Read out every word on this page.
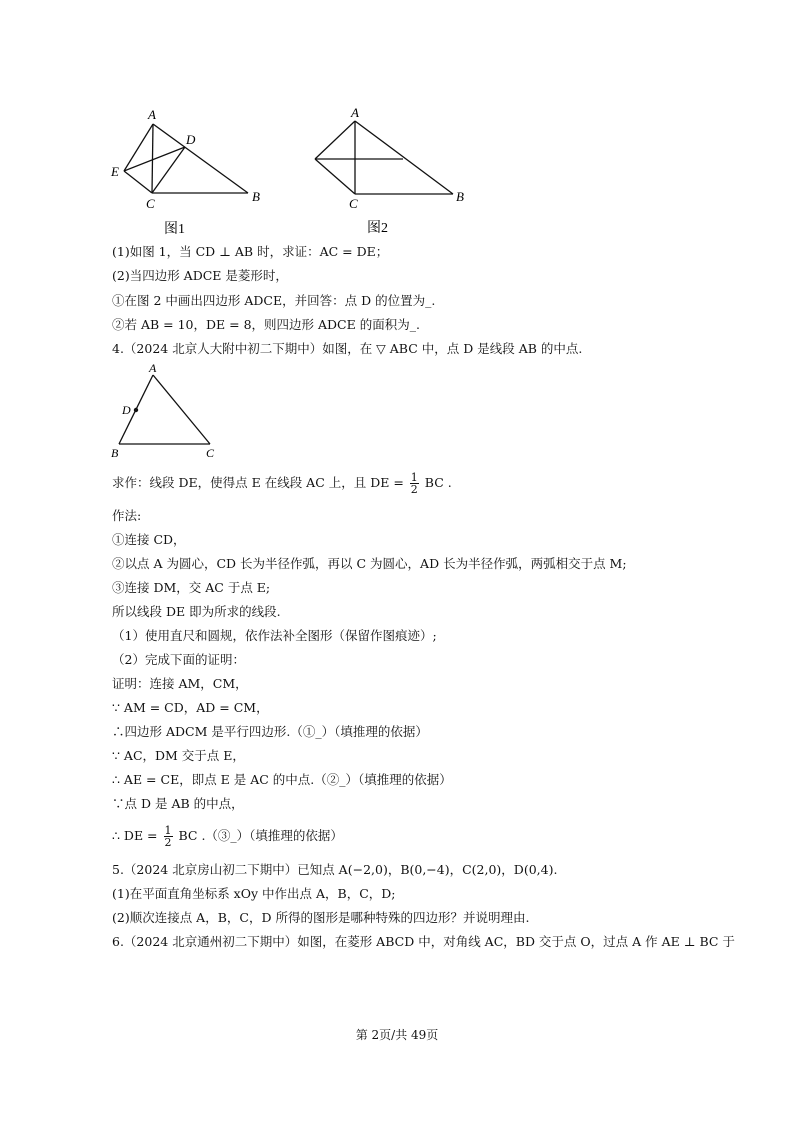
A
D
E
C	B
图1
A
C	B
图2
(1)如图 1，当 CD ⊥ AB 时，求证：AC = DE；
(2)当四边形 ADCE 是菱形时，
①在图 2 中画出四边形 ADCE，并回答：点 D 的位置为_.
②若 AB = 10，DE = 8，则四边形 ADCE 的面积为_.
4.（2024 北京人大附中初二下期中）如图，在 ▽ ABC 中，点 D 是线段 AB 的中点.
A
D
B	C
求作：线段 DE，使得点 E 在线段 AC 上，且 DE = $\frac{1}{2}$ BC .
作法:
①连接 CD，
②以点 A 为圆心，CD 长为半径作弧，再以 C 为圆心，AD 长为半径作弧，两弧相交于点 M;
③连接 DM，交 AC 于点 E;
所以线段 DE 即为所求的线段.
（1）使用直尺和圆规，依作法补全图形（保留作图痕迹）;
（2）完成下面的证明：
证明：连接 AM，CM，
∵ AM = CD，AD = CM，
∴四边形 ADCM 是平行四边形.（①_）（填推理的依据）
∵ AC，DM 交于点 E，
∴ AE = CE，即点 E 是 AC 的中点.（②_）（填推理的依据）
∵点 D 是 AB 的中点，
∴ DE = $\frac{1}{2}$ BC .（③_）（填推理的依据）
5.（2024 北京房山初二下期中）已知点 A(−2,0)，B(0,−4)，C(2,0)，D(0,4).
(1)在平面直角坐标系 xOy 中作出点 A，B，C，D;
(2)顺次连接点 A，B，C，D 所得的图形是哪种特殊的四边形？并说明理由.
6.（2024 北京通州初二下期中）如图，在菱形 ABCD 中，对角线 AC，BD 交于点 O，过点 A 作 AE ⊥ BC 于
第 2页/共 49页
